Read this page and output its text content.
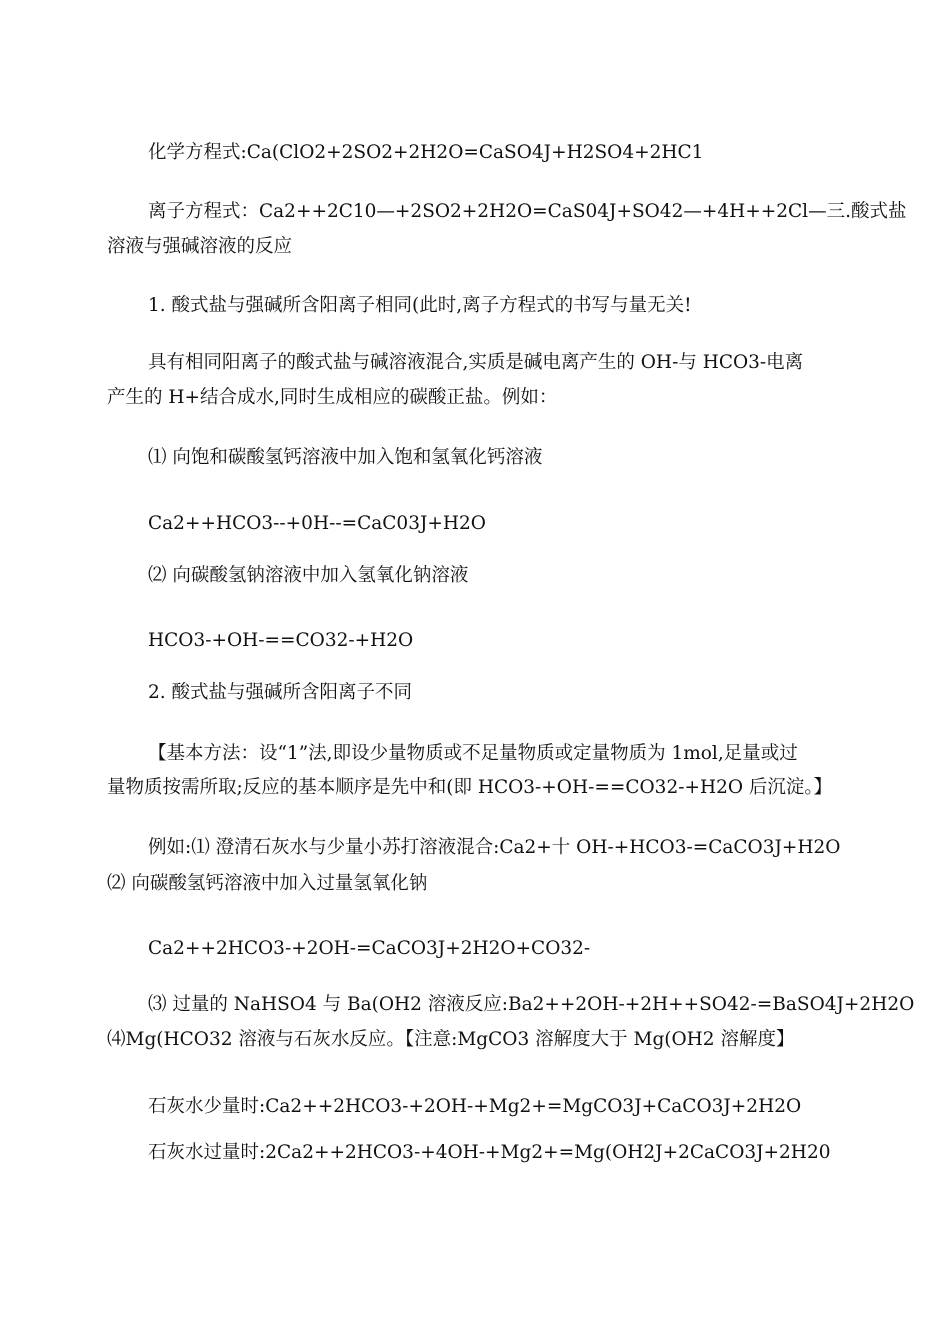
化学方程式:Ca(ClO2+2SO2+2H2O=CaSO4J+H2SO4+2HC1
离子方程式：Ca2++2C10—+2SO2+2H2O=CaS04J+SO42—+4H++2Cl—三.酸式盐
溶液与强碱溶液的反应
1. 酸式盐与强碱所含阳离子相同(此时,离子方程式的书写与量无关!
具有相同阳离子的酸式盐与碱溶液混合,实质是碱电离产生的 OH-与 HCO3-电离
产生的 H+结合成水,同时生成相应的碳酸正盐。例如：
⑴ 向饱和碳酸氢钙溶液中加入饱和氢氧化钙溶液
Ca2++HCO3--+0H--=CaC03J+H2O
⑵ 向碳酸氢钠溶液中加入氢氧化钠溶液
HCO3-+OH-==CO32-+H2O
2. 酸式盐与强碱所含阳离子不同
【基本方法：设“1”法,即设少量物质或不足量物质或定量物质为 1mol,足量或过
量物质按需所取;反应的基本顺序是先中和(即 HCO3-+OH-==CO32-+H2O 后沉淀。】
例如:⑴ 澄清石灰水与少量小苏打溶液混合:Ca2+十 OH-+HCO3-=CaCO3J+H2O
⑵ 向碳酸氢钙溶液中加入过量氢氧化钠
Ca2++2HCO3-+2OH-=CaCO3J+2H2O+CO32-
⑶ 过量的 NaHSO4 与 Ba(OH2 溶液反应:Ba2++2OH-+2H++SO42-=BaSO4J+2H2O
⑷Mg(HCO32 溶液与石灰水反应。【注意:MgCO3 溶解度大于 Mg(OH2 溶解度】
石灰水少量时:Ca2++2HCO3-+2OH-+Mg2+=MgCO3J+CaCO3J+2H2O
石灰水过量时:2Ca2++2HCO3-+4OH-+Mg2+=Mg(OH2J+2CaCO3J+2H20
